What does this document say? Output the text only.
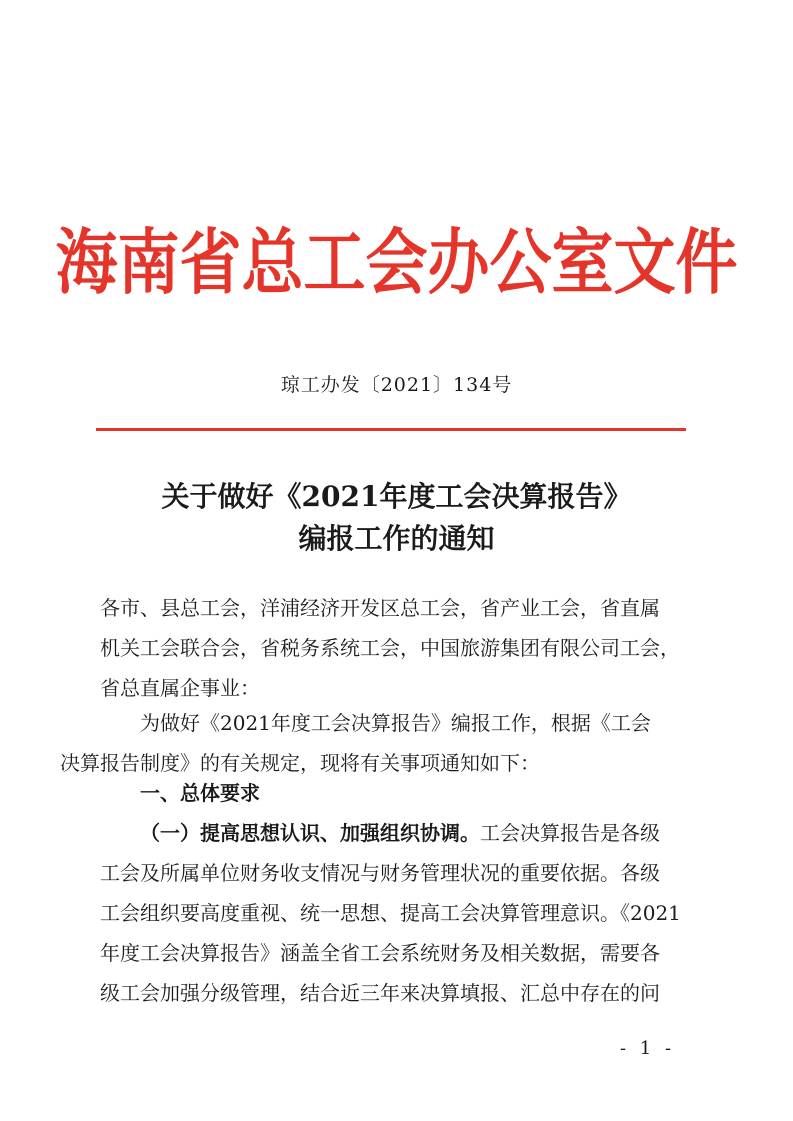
海南省总工会办公室文件
琼工办发〔2021〕134号
关于做好《2021年度工会决算报告》
编报工作的通知
各市、县总工会，洋浦经济开发区总工会，省产业工会，省直属
机关工会联合会，省税务系统工会，中国旅游集团有限公司工会，
省总直属企事业：
为做好《2021年度工会决算报告》编报工作，根据《工会
决算报告制度》的有关规定，现将有关事项通知如下：
一、总体要求
（一）提高思想认识、加强组织协调。工会决算报告是各级
工会及所属单位财务收支情况与财务管理状况的重要依据。各级
工会组织要高度重视、统一思想、提高工会决算管理意识。《2021
年度工会决算报告》涵盖全省工会系统财务及相关数据，需要各
级工会加强分级管理，结合近三年来决算填报、汇总中存在的问
- 1 -
